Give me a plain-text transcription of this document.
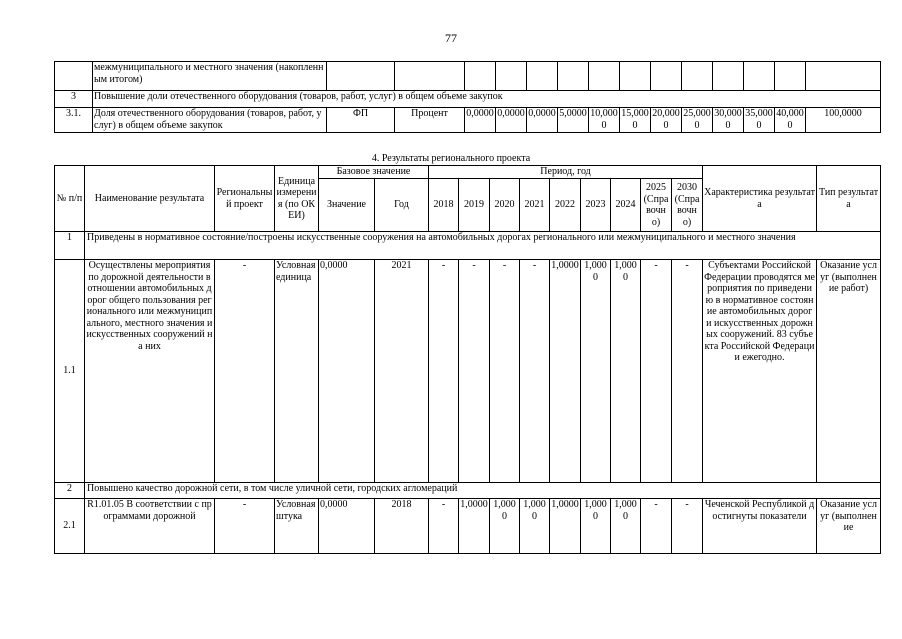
77
	межмуниципального и местного значения (накопленным итогом)														
3	Повышение доли отечественного оборудования (товаров, работ, услуг) в общем объеме закупок														
3.1.	Доля отечественного оборудования (товаров, работ, услуг) в общем объеме закупок	ФП	Процент	0,0000	0,0000	0,0000	5,0000	10,0000	15,0000	20,0000	25,0000	30,0000	35,0000	40,0000	100,0000
4. Результаты регионального проекта
№ п/п	Наименование результата	Региональный проект	Единица измерения (по ОКЕИ)	Базовое значение		Период, год									Характеристика результата	Тип результата
				Значение	Год	2018	2019	2020	2021	2022	2023	2024	2025 (Справочно)	2030 (Справочно)		
1	Приведены в нормативное состояние/построены искусственные сооружения на автомобильных дорогах регионального или межмуниципального и местного значения															
1.1	Осуществлены мероприятия по дорожной деятельности в отношении автомобильных дорог общего пользования регионального или межмуниципального, местного значения и искусственных сооружений на них	-	Условная единица	0,0000	2021	-	-	-	-	1,0000	1,0000	1,0000	-	-	Субъектами Российской Федерации проводятся мероприятия по приведению в нормативное состояние автомобильных дорог и искусственных дорожных сооружений. 83 субъекта Российской Федерации ежегодно.	Оказание услуг (выполнение работ)
2	Повышено качество дорожной сети, в том числе уличной сети, городских агломераций															
2.1	R1.01.05 В соответствии с программами дорожной	-	Условная штука	0,0000	2018	-	1,0000	1,0000	1,0000	1,0000	1,0000	1,0000	-	-	Чеченской Республикой достигнуты показатели	Оказание услуг (выполнение
